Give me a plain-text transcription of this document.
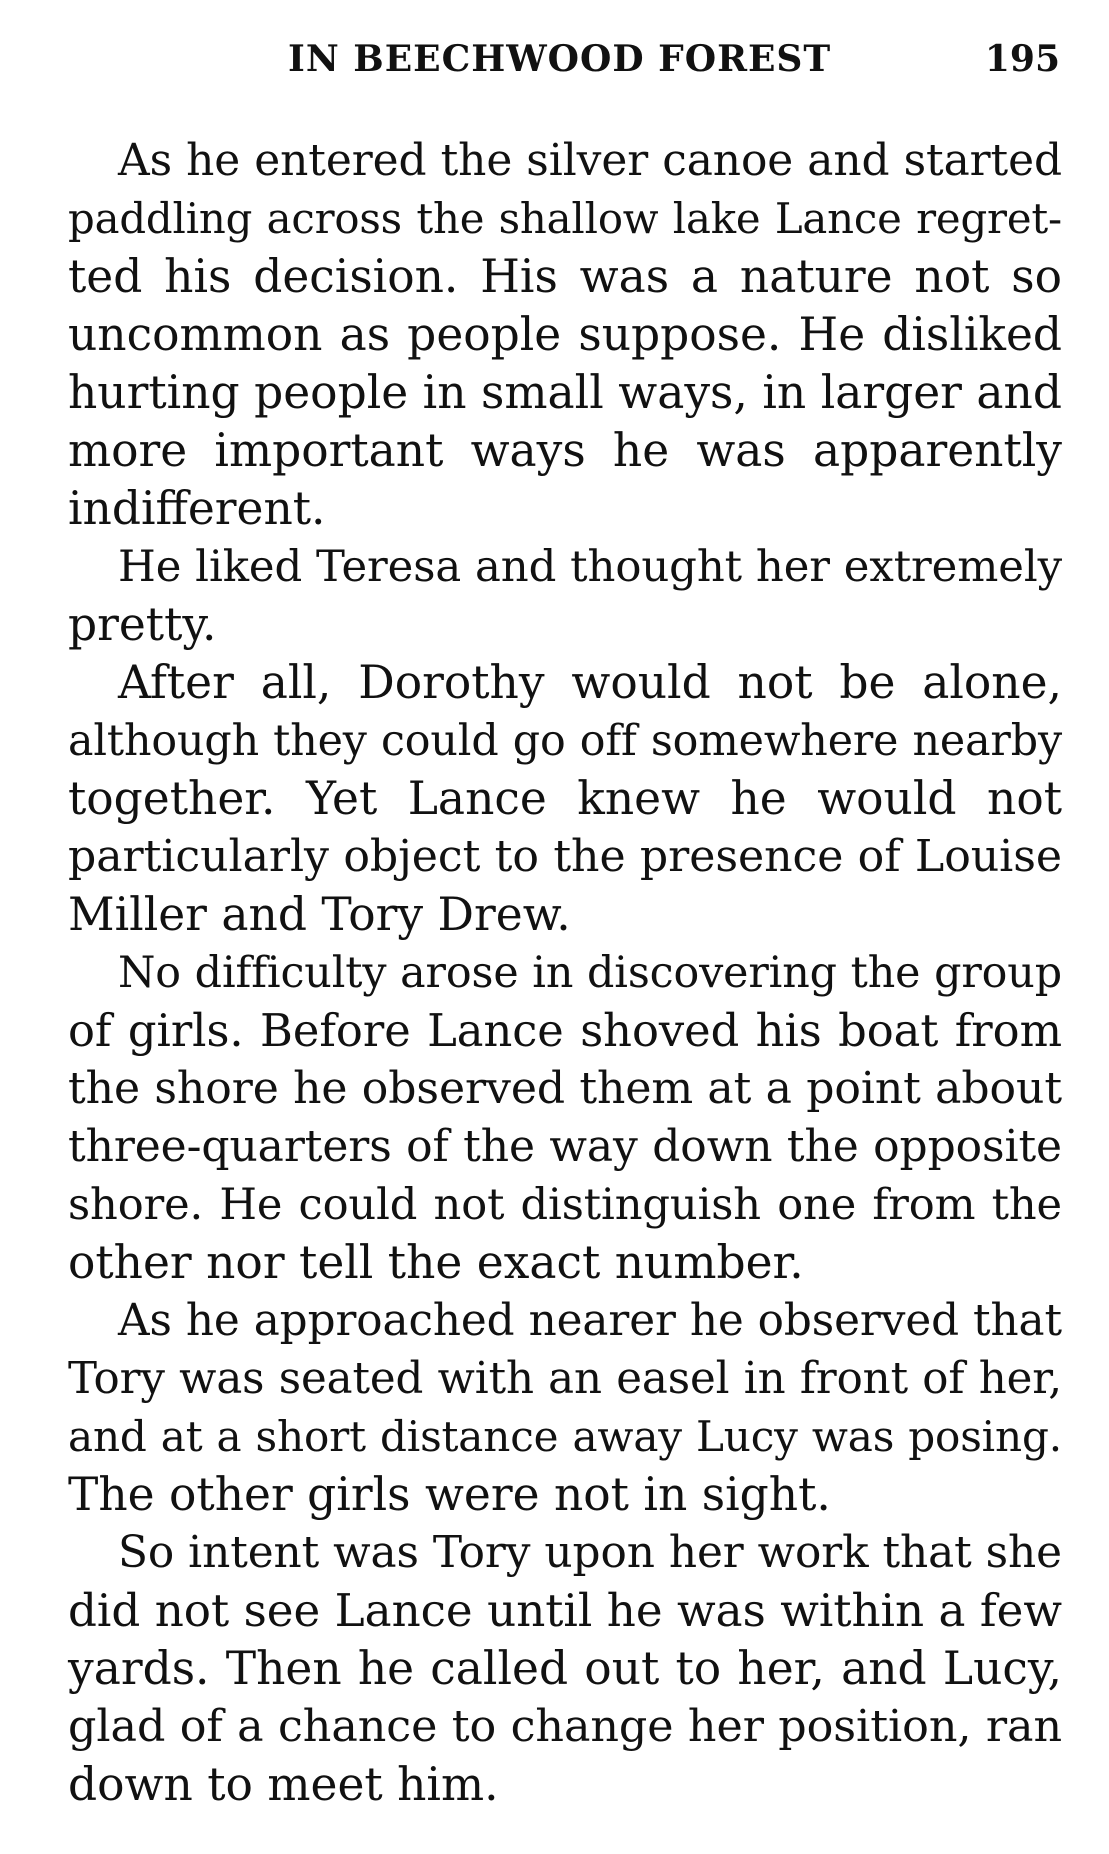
IN BEECHWOOD FOREST	195
As he entered the silver canoe and started
paddling across the shallow lake Lance regret-
ted his decision. His was a nature not so
uncommon as people suppose. He disliked
hurting people in small ways, in larger and
more important ways he was apparently
indifferent.
He liked Teresa and thought her extremely
pretty.
After all, Dorothy would not be alone,
although they could go off somewhere nearby
together. Yet Lance knew he would not
particularly object to the presence of Louise
Miller and Tory Drew.
No difficulty arose in discovering the group
of girls. Before Lance shoved his boat from
the shore he observed them at a point about
three-quarters of the way down the opposite
shore. He could not distinguish one from the
other nor tell the exact number.
As he approached nearer he observed that
Tory was seated with an easel in front of her,
and at a short distance away Lucy was posing.
The other girls were not in sight.
So intent was Tory upon her work that she
did not see Lance until he was within a few
yards. Then he called out to her, and Lucy,
glad of a chance to change her position, ran
down to meet him.
